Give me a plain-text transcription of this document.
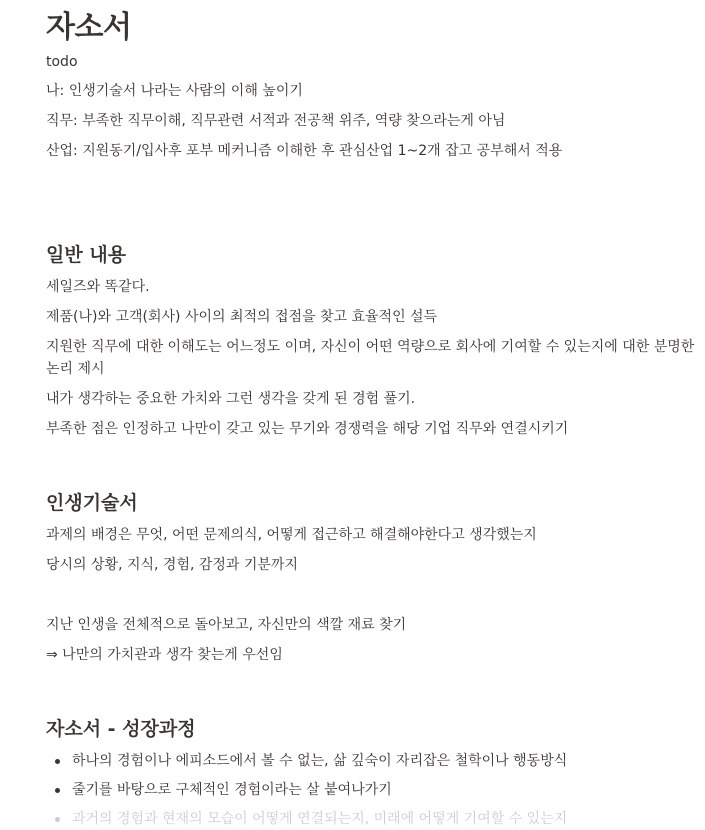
자소서
todo
나: 인생기술서 나라는 사람의 이해 높이기
직무: 부족한 직무이해, 직무관련 서적과 전공책 위주, 역량 찾으라는게 아님
산업: 지원동기/입사후 포부 메커니즘 이해한 후 관심산업 1~2개 잡고 공부해서 적용
일반 내용
세일즈와 똑같다.
제품(나)와 고객(회사) 사이의 최적의 접점을 찾고 효율적인 설득
지원한 직무에 대한 이해도는 어느정도 이며, 자신이 어떤 역량으로 회사에 기여할 수 있는지에 대한 분명한 논리 제시
내가 생각하는 중요한 가치와 그런 생각을 갖게 된 경험 풀기.
부족한 점은 인정하고 나만이 갖고 있는 무기와 경쟁력을 해당 기업 직무와 연결시키기
인생기술서
과제의 배경은 무엇, 어떤 문제의식, 어떻게 접근하고 해결해야한다고 생각했는지
당시의 상황, 지식, 경험, 감정과 기분까지
지난 인생을 전체적으로 돌아보고, 자신만의 색깔 재료 찾기
⇒ 나만의 가치관과 생각 찾는게 우선임
자소서 - 성장과정
하나의 경험이나 에피소드에서 볼 수 없는, 삶 깊숙이 자리잡은 철학이나 행동방식
줄기를 바탕으로 구체적인 경험이라는 살 붙여나가기
과거의 경험과 현재의 모습이 어떻게 연결되는지, 미래에 어떻게 기여할 수 있는지
